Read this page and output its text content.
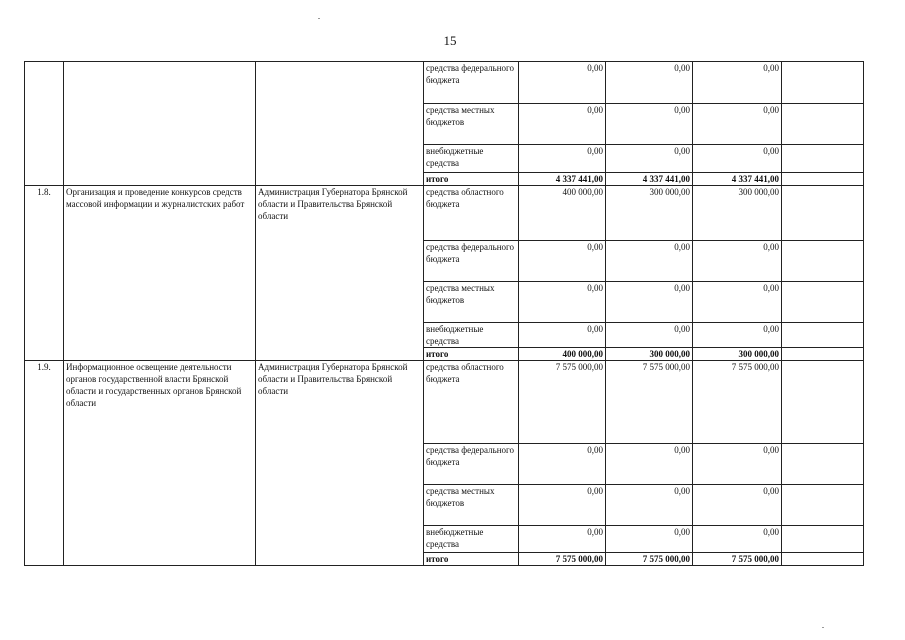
15
			средства федерального бюджета	0,00	0,00	0,00	
			средства местных бюджетов	0,00	0,00	0,00	
			внебюджетные средства	0,00	0,00	0,00	
			итого	4 337 441,00	4 337 441,00	4 337 441,00	
1.8.	Организация и проведение конкурсов средств массовой информации и журналистских работ	Администрация Губернатора Брянской области и Правительства Брянской области	средства областного бюджета	400 000,00	300 000,00	300 000,00	
			средства федерального бюджета	0,00	0,00	0,00	
			средства местных бюджетов	0,00	0,00	0,00	
			внебюджетные средства	0,00	0,00	0,00	
			итого	400 000,00	300 000,00	300 000,00	
1.9.	Информационное освещение деятельности органов государственной власти Брянской области и государственных органов Брянской области	Администрация Губернатора Брянской области и Правительства Брянской области	средства областного бюджета	7 575 000,00	7 575 000,00	7 575 000,00	
			средства федерального бюджета	0,00	0,00	0,00	
			средства местных бюджетов	0,00	0,00	0,00	
			внебюджетные средства	0,00	0,00	0,00	
			итого	7 575 000,00	7 575 000,00	7 575 000,00	
